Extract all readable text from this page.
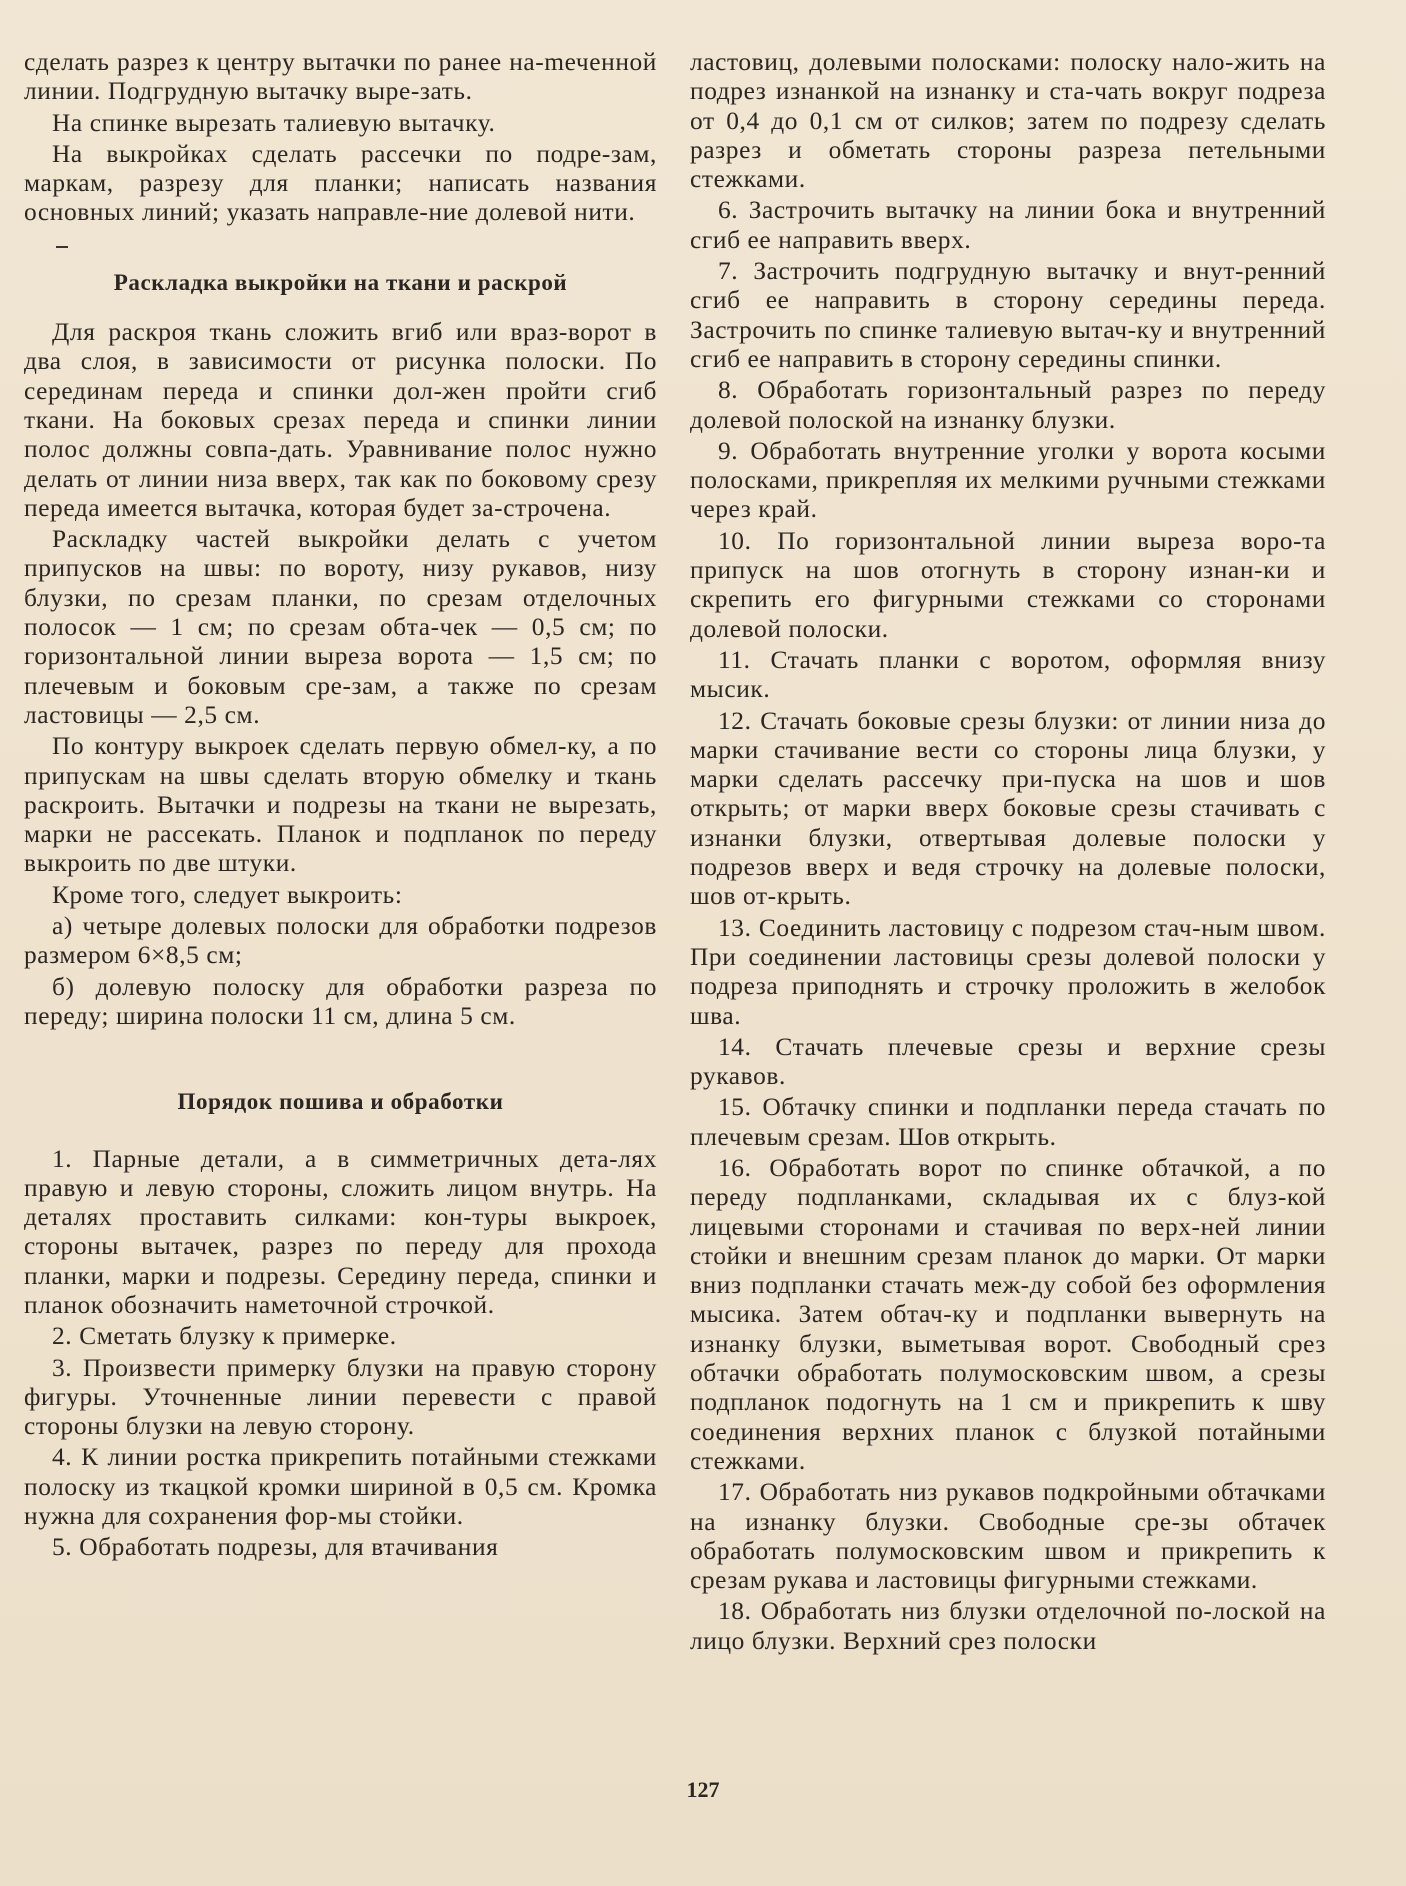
сделать разрез к центру вытачки по ранее на-mеченной линии. Подгрудную вытачку выре-зать.

На спинке вырезать талиевую вытачку.

На выкройках сделать рассечки по подре-зам, маркам, разрезу для планки; написать названия основных линий; указать направле-ние долевой нити.

Раскладка выкройки на ткани и раскрой

Для раскроя ткань сложить вгиб или враз-ворот в два слоя, в зависимости от рисунка полоски. По серединам переда и спинки дол-жен пройти сгиб ткани. На боковых срезах переда и спинки линии полос должны совпа-дать. Уравнивание полос нужно делать от линии низа вверх, так как по боковому срезу переда имеется вытачка, которая будет за-строчена.

Раскладку частей выкройки делать с учетом припусков на швы: по вороту, низу рукавов, низу блузки, по срезам планки, по срезам отделочных полосок — 1 см; по срезам обта-чек — 0,5 см; по горизонтальной линии выреза ворота — 1,5 см; по плечевым и боковым сре-зам, а также по срезам ластовицы — 2,5 см.

По контуру выкроек сделать первую обмел-ку, а по припускам на швы сделать вторую обмелку и ткань раскроить. Вытачки и подрезы на ткани не вырезать, марки не рассекать. Планок и подпланок по переду выкроить по две штуки.

Кроме того, следует выкроить:

а) четыре долевых полоски для обработки подрезов размером 6×8,5 см;

б) долевую полоску для обработки разреза по переду; ширина полоски 11 см, длина 5 см.

Порядок пошива и обработки

1. Парные детали, а в симметричных дета-лях правую и левую стороны, сложить лицом внутрь. На деталях проставить силками: кон-туры выкроек, стороны вытачек, разрез по переду для прохода планки, марки и подрезы. Середину переда, спинки и планок обозначить наметочной строчкой.

2. Сметать блузку к примерке.

3. Произвести примерку блузки на правую сторону фигуры. Уточненные линии перевести с правой стороны блузки на левую сторону.

4. К линии ростка прикрепить потайными стежками полоску из ткацкой кромки шириной в 0,5 см. Кромка нужна для сохранения фор-мы стойки.

5. Обработать подрезы, для втачивания

ластовиц, долевыми полосками: полоску нало-жить на подрез изнанкой на изнанку и ста-чать вокруг подреза от 0,4 до 0,1 см от силков; затем по подрезу сделать разрез и обметать стороны разреза петельными стежками.

6. Застрочить вытачку на линии бока и внутренний сгиб ее направить вверх.

7. Застрочить подгрудную вытачку и внут-ренний сгиб ее направить в сторону середины переда. Застрочить по спинке талиевую вытач-ку и внутренний сгиб ее направить в сторону середины спинки.

8. Обработать горизонтальный разрез по переду долевой полоской на изнанку блузки.

9. Обработать внутренние уголки у ворота косыми полосками, прикрепляя их мелкими ручными стежками через край.

10. По горизонтальной линии выреза воро-та припуск на шов отогнуть в сторону изнан-ки и скрепить его фигурными стежками со сторонами долевой полоски.

11. Стачать планки с воротом, оформляя внизу мысик.

12. Стачать боковые срезы блузки: от линии низа до марки стачивание вести со стороны лица блузки, у марки сделать рассечку при-пуска на шов и шов открыть; от марки вверх боковые срезы стачивать с изнанки блузки, отвертывая долевые полоски у подрезов вверх и ведя строчку на долевые полоски, шов от-крыть.

13. Соединить ластовицу с подрезом стач-ным швом. При соединении ластовицы срезы долевой полоски у подреза приподнять и строчку проложить в желобок шва.

14. Стачать плечевые срезы и верхние срезы рукавов.

15. Обтачку спинки и подпланки переда стачать по плечевым срезам. Шов открыть.

16. Обработать ворот по спинке обтачкой, а по переду подпланками, складывая их с блуз-кой лицевыми сторонами и стачивая по верх-ней линии стойки и внешним срезам планок до марки. От марки вниз подпланки стачать меж-ду собой без оформления мысика. Затем обтач-ку и подпланки вывернуть на изнанку блузки, выметывая ворот. Свободный срез обтачки обработать полумосковским швом, а срезы подпланок подогнуть на 1 см и прикрепить к шву соединения верхних планок с блузкой потайными стежками.

17. Обработать низ рукавов подкройными обтачками на изнанку блузки. Свободные сре-зы обтачек обработать полумосковским швом и прикрепить к срезам рукава и ластовицы фигурными стежками.

18. Обработать низ блузки отделочной по-лоской на лицо блузки. Верхний срез полоски

127
